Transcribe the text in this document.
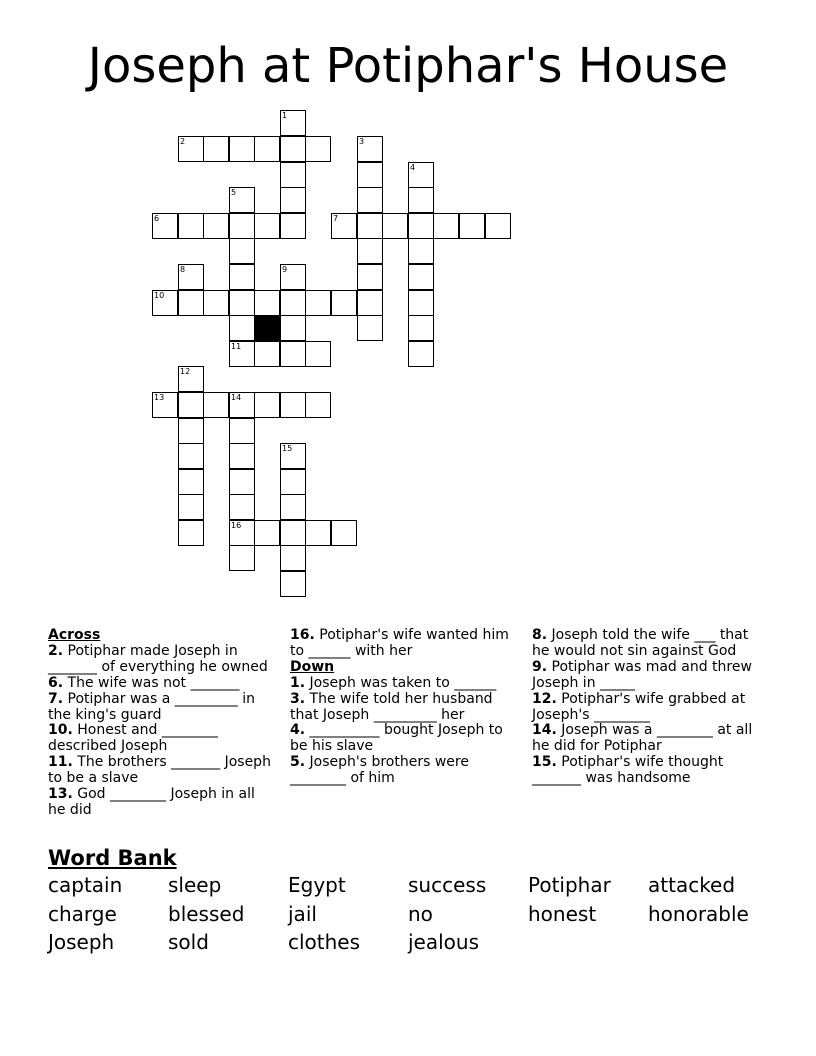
Joseph at Potiphar's House
1
2	3
4
5
6	7
8	9
10
11
12
13	14
15
16
Across
2. Potiphar made Joseph in _______ of everything he owned
6. The wife was not _______
7. Potiphar was a _________ in the king's guard
10. Honest and ________ described Joseph
11. The brothers _______ Joseph to be a slave
13. God ________ Joseph in all he did
16. Potiphar's wife wanted him to ______ with her
Down
1. Joseph was taken to ______
3. The wife told her husband that Joseph _________ her
4. __________ bought Joseph to be his slave
5. Joseph's brothers were ________ of him
8. Joseph told the wife ___ that he would not sin against God
9. Potiphar was mad and threw Joseph in _____
12. Potiphar's wife grabbed at Joseph's ________
14. Joseph was a ________ at all he did for Potiphar
15. Potiphar's wife thought _______ was handsome
Word Bank
captain sleep	Egypt	success Potiphar attacked
charge	blessed jail	no	honest	honorable
Joseph	sold	clothes jealous
